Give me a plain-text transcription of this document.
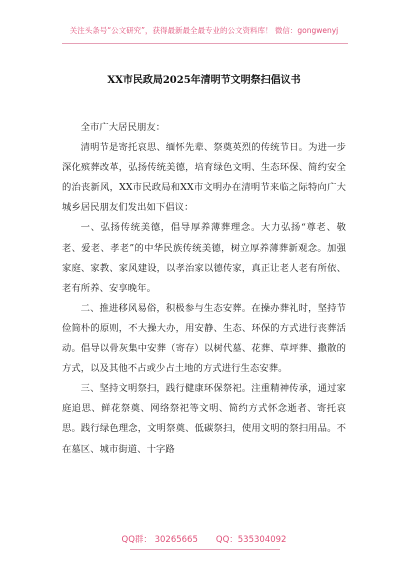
关注头条号“公文研究”，获得最新最全最专业的公文资料库！ 微信：gongwenyj
XX市民政局2025年清明节文明祭扫倡议书

全市广大居民朋友：

清明节是寄托哀思、缅怀先辈、祭奠英烈的传统节日。为进一步深化殡葬改革，弘扬传统美德，培育绿色文明、生态环保、简约安全的治丧新风，XX市民政局和XX市文明办在清明节来临之际特向广大城乡居民朋友们发出如下倡议：

一、弘扬传统美德，倡导厚养薄葬理念。大力弘扬“尊老、敬老、爱老、孝老”的中华民族传统美德，树立厚养薄葬新观念。加强家庭、家教、家风建设，以孝治家以德传家，真正让老人老有所依、老有所养、安享晚年。

二、推进移风易俗，积极参与生态安葬。在操办葬礼时，坚持节俭简朴的原则，不大操大办，用安静、生态、环保的方式进行丧葬活动。倡导以骨灰集中安葬（寄存）以树代墓、花葬、草坪葬、撒散的方式，以及其他不占或少占土地的方式进行生态安葬。

三、坚持文明祭扫，践行健康环保祭祀。注重精神传承，通过家庭追思、鲜花祭奠、网络祭祀等文明、简约方式怀念逝者、寄托哀思。践行绿色理念，文明祭奠、低碳祭扫，使用文明的祭扫用品。不在墓区、城市街道、十字路

QQ群： 30265665 QQ：535304092
